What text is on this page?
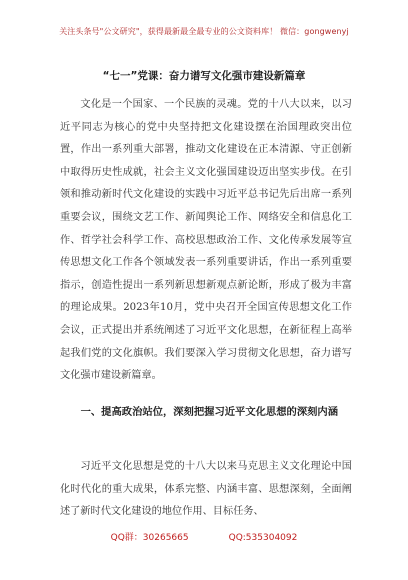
关注头条号"公文研究"，获得最新最全最专业的公文资料库！ 微信：gongwenyj
“七一”党课：奋力谱写文化强市建设新篇章

文化是一个国家、一个民族的灵魂。党的十八大以来，以习近平同志为核心的党中央坚持把文化建设摆在治国理政突出位置，作出一系列重大部署，推动文化建设在正本清源、守正创新中取得历史性成就，社会主义文化强国建设迈出坚实步伐。在引领和推动新时代文化建设的实践中习近平总书记先后出席一系列重要会议，围绕文艺工作、新闻舆论工作、网络安全和信息化工作、哲学社会科学工作、高校思想政治工作、文化传承发展等宣传思想文化工作各个领域发表一系列重要讲话，作出一系列重要指示，创造性提出一系列新思想新观点新论断，形成了极为丰富的理论成果。2023年10月，党中央召开全国宣传思想文化工作会议，正式提出并系统阐述了习近平文化思想，在新征程上高举起我们党的文化旗帜。我们要深入学习贯彻文化思想，奋力谱写文化强市建设新篇章。

一、提高政治站位，深刻把握习近平文化思想的深刻内涵

习近平文化思想是党的十八大以来马克思主义文化理论中国化时代化的重大成果，体系完整、内涵丰富、思想深刻，全面阐述了新时代文化建设的地位作用、目标任务、

QQ群：30265665	QQ:535304092
